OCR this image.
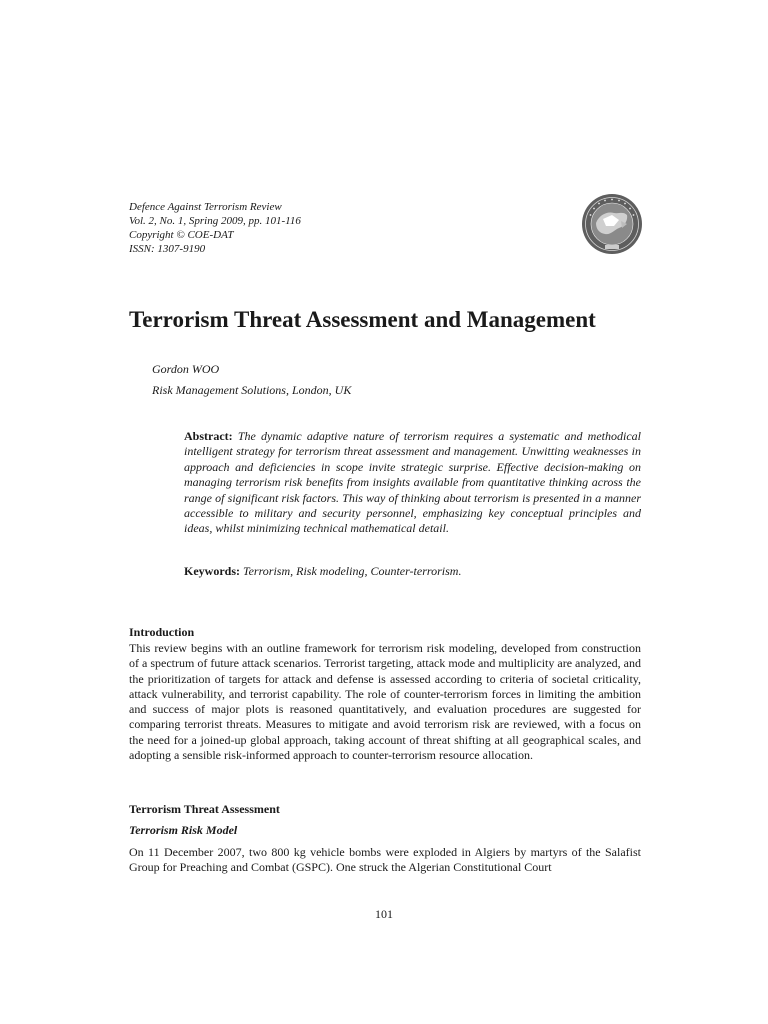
Defence Against Terrorism Review
Vol. 2, No. 1, Spring 2009, pp. 101-116
Copyright © COE-DAT
ISSN: 1307-9190
Terrorism Threat Assessment and Management
Gordon WOO
Risk Management Solutions, London, UK

Abstract: The dynamic adaptive nature of terrorism requires a systematic and methodical intelligent strategy for terrorism threat assessment and management. Unwitting weaknesses in approach and deficiencies in scope invite strategic surprise. Effective decision-making on managing terrorism risk benefits from insights available from quantitative thinking across the range of significant risk factors. This way of thinking about terrorism is presented in a manner accessible to military and security personnel, emphasizing key conceptual principles and ideas, whilst minimizing technical mathematical detail.

Keywords: Terrorism, Risk modeling, Counter-terrorism.

Introduction

This review begins with an outline framework for terrorism risk modeling, developed from construction of a spectrum of future attack scenarios. Terrorist targeting, attack mode and multiplicity are analyzed, and the prioritization of targets for attack and defense is assessed according to criteria of societal criticality, attack vulnerability, and terrorist capability. The role of counter-terrorism forces in limiting the ambition and success of major plots is reasoned quantitatively, and evaluation procedures are suggested for comparing terrorist threats. Measures to mitigate and avoid terrorism risk are reviewed, with a focus on the need for a joined-up global approach, taking account of threat shifting at all geographical scales, and adopting a sensible risk-informed approach to counter-terrorism resource allocation.

Terrorism Threat Assessment
Terrorism Risk Model

On 11 December 2007, two 800 kg vehicle bombs were exploded in Algiers by martyrs of the Salafist Group for Preaching and Combat (GSPC). One struck the Algerian Constitutional Court

101
